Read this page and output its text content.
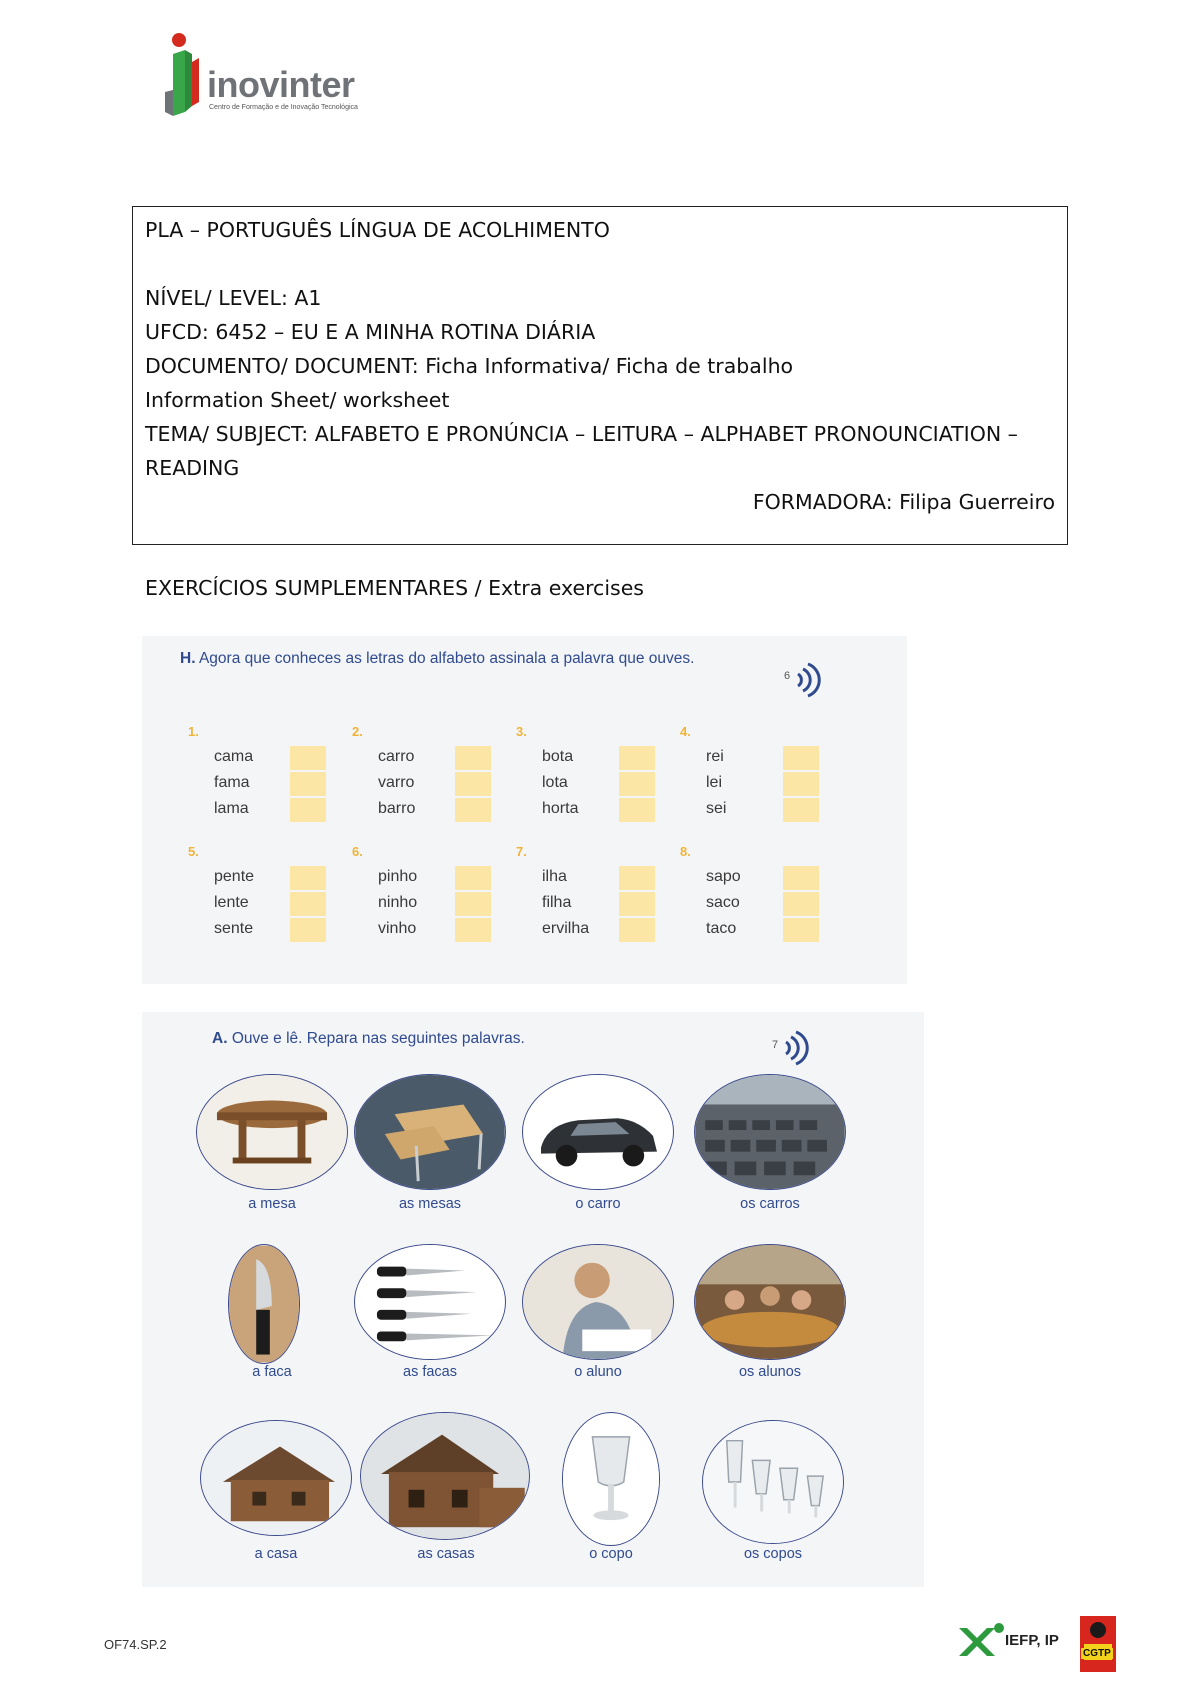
inovinter
Centro de Formação e de Inovação Tecnológica
PLA – PORTUGUÊS LÍNGUA DE ACOLHIMENTO
NÍVEL/ LEVEL: A1
UFCD: 6452 – EU E A MINHA ROTINA DIÁRIA
DOCUMENTO/ DOCUMENT: Ficha Informativa/ Ficha de trabalho
Information Sheet/ worksheet
TEMA/ SUBJECT: ALFABETO E PRONÚNCIA – LEITURA – ALPHABET PRONOUNCIATION – READING
FORMADORA: Filipa Guerreiro
EXERCÍCIOS SUMPLEMENTARES / Extra exercises
H. Agora que conheces as letras do alfabeto assinala a palavra que ouves.
6
1.
cama
fama
lama
2.
carro
varro
barro
3.
bota
lota
horta
4.
rei
lei
sei
5.
pente
lente
sente
6.
pinho
ninho
vinho
7.
ilha
filha
ervilha
8.
sapo
saco
taco
A. Ouve e lê. Repara nas seguintes palavras.	7
a mesa	as mesas	o carro	os carros
a faca	as facas	o aluno	os alunos
a casa	as casas	o copo	os copos
OF74.SP.2	IEFP, IP
CGTP
